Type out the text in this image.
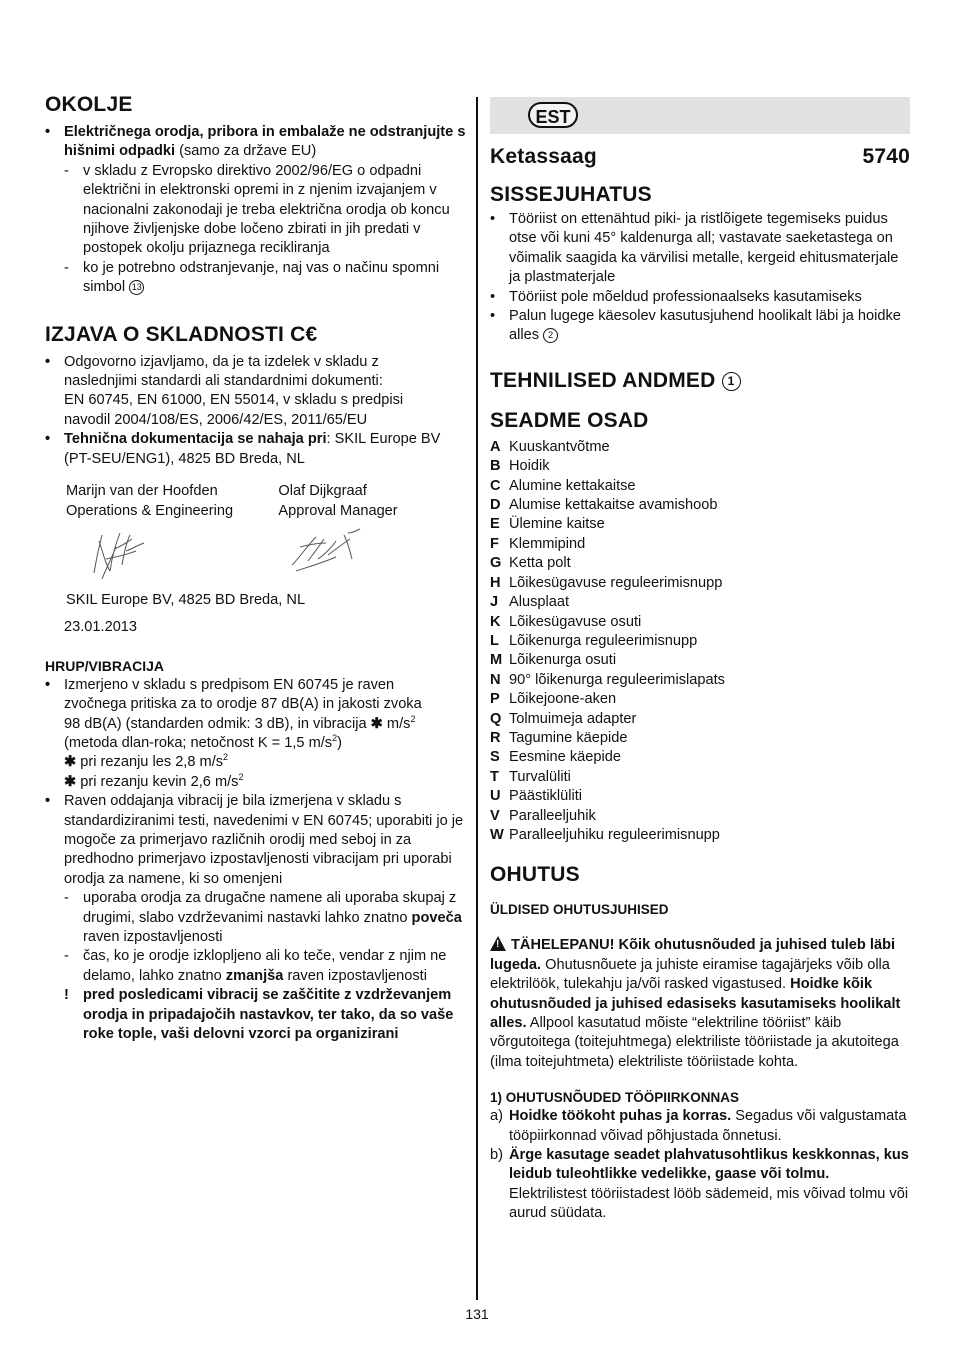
OKOLJE
• Električnega orodja, pribora in embalaže ne odstranjujte s hišnimi odpadki (samo za države EU)

- v skladu z Evropsko direktivo 2002/96/EG o odpadni električni in elektronski opremi in z njenim izvajanjem v nacionalni zakonodaji je treba električna orodja ob koncu njihove življenjske dobe ločeno zbirati in jih predati v postopek okolju prijaznega recikliranja

- ko je potrebno odstranjevanje, naj vas o načinu spomni simbol 13

IZJAVA O SKLADNOSTI C€
• Odgovorno izjavljamo, da je ta izdelek v skladu z

naslednjimi standardi ali standardnimi dokumenti:

EN 60745, EN 61000, EN 55014, v skladu s predpisi

navodil 2004/108/ES, 2006/42/ES, 2011/65/EU

• Tehnična dokumentacija se nahaja pri: SKIL Europe BV (PT-SEU/ENG1), 4825 BD Breda, NL

Marijn van der Hoofden

Operations & Engineering

Olaf Dijkgraaf

Approval Manager

SKIL Europe BV, 4825 BD Breda, NL

23.01.2013

HRUP/VIBRACIJA
• Izmerjeno v skladu s predpisom EN 60745 je raven

zvočnega pritiska za to orodje 87 dB(A) in jakosti zvoka

98 dB(A) (standarden odmik: 3 dB), in vibracija ✱ $m/s^2$

(metoda dlan-roka; netočnost K = 1,5 $m/s^2$)

✱ pri rezanju les 2,8 $m/s^2$

✱ pri rezanju kevin 2,6 $m/s^2$

• Raven oddajanja vibracij je bila izmerjena v skladu s standardiziranimi testi, navedenimi v EN 60745; uporabiti jo je mogoče za primerjavo različnih orodij med seboj in za predhodno primerjavo izpostavljenosti vibracijam pri uporabi orodja za namene, ki so omenjeni

- uporaba orodja za drugačne namene ali uporaba skupaj z drugimi, slabo vzdrževanimi nastavki lahko znatno poveča raven izpostavljenosti

- čas, ko je orodje izklopljeno ali ko teče, vendar z njim ne delamo, lahko znatno zmanjša raven izpostavljenosti

! pred posledicami vibracij se zaščitite z vzdrževanjem orodja in pripadajočih nastavkov, ter tako, da so vaše roke tople, vaši delovni vzorci pa organizirani

EST
Ketassaag	5740
SISSEJUHATUS
• Tööriist on ettenähtud piki- ja ristlõigete tegemiseks puidus otse või kuni 45° kaldenurga all; vastavate saeketastega on võimalik saagida ka värvilisi metalle, kergeid ehitusmaterjale ja plastmaterjale

• Tööriist pole mõeldud professionaalseks kasutamiseks

• Palun lugege käesolev kasutusjuhend hoolikalt läbi ja hoidke alles 2

TEHNILISED ANDMED 1
SEADME OSAD
A Kuuskantvõtme
B Hoidik
C Alumine kettakaitse
D Alumise kettakaitse avamishoob
E Ülemine kaitse
F Klemmipind
G Ketta polt
H Lõikesügavuse reguleerimisnupp
J Alusplaat
K Lõikesügavuse osuti
L Lõikenurga reguleerimisnupp
M Lõikenurga osuti
N 90° lõikenurga reguleerimislapats
P Lõikejoone-aken
Q Tolmuimeja adapter
R Tagumine käepide
S Eesmine käepide
T Turvalüliti
U Päästiklüliti
V Paralleeljuhik
W Paralleeljuhiku reguleerimisnupp
OHUTUS
ÜLDISED OHUTUSJUHISED

! TÄHELEPANU! Kõik ohutusnõuded ja juhised tuleb läbi lugeda. Ohutusnõuete ja juhiste eiramise tagajärjeks võib olla elektrilöök, tulekahju ja/või rasked vigastused. Hoidke kõik ohutusnõuded ja juhised edasiseks kasutamiseks hoolikalt alles. Allpool kasutatud mõiste “elektriline tööriist” käib võrgutoitega (toitejuhtmega) elektriliste tööriistade ja akutoitega (ilma toitejuhtmeta) elektriliste tööriistade kohta.

1) OHUTUSNÕUDED TÖÖPIIRKONNAS
a) Hoidke töökoht puhas ja korras. Segadus või valgustamata tööpiirkonnad võivad põhjustada õnnetusi.

b) Ärge kasutage seadet plahvatusohtlikus keskkonnas, kus leidub tuleohtlikke vedelikke, gaase või tolmu. Elektrilistest tööriistadest lööb sädemeid, mis võivad tolmu või aurud süüdata.

131
